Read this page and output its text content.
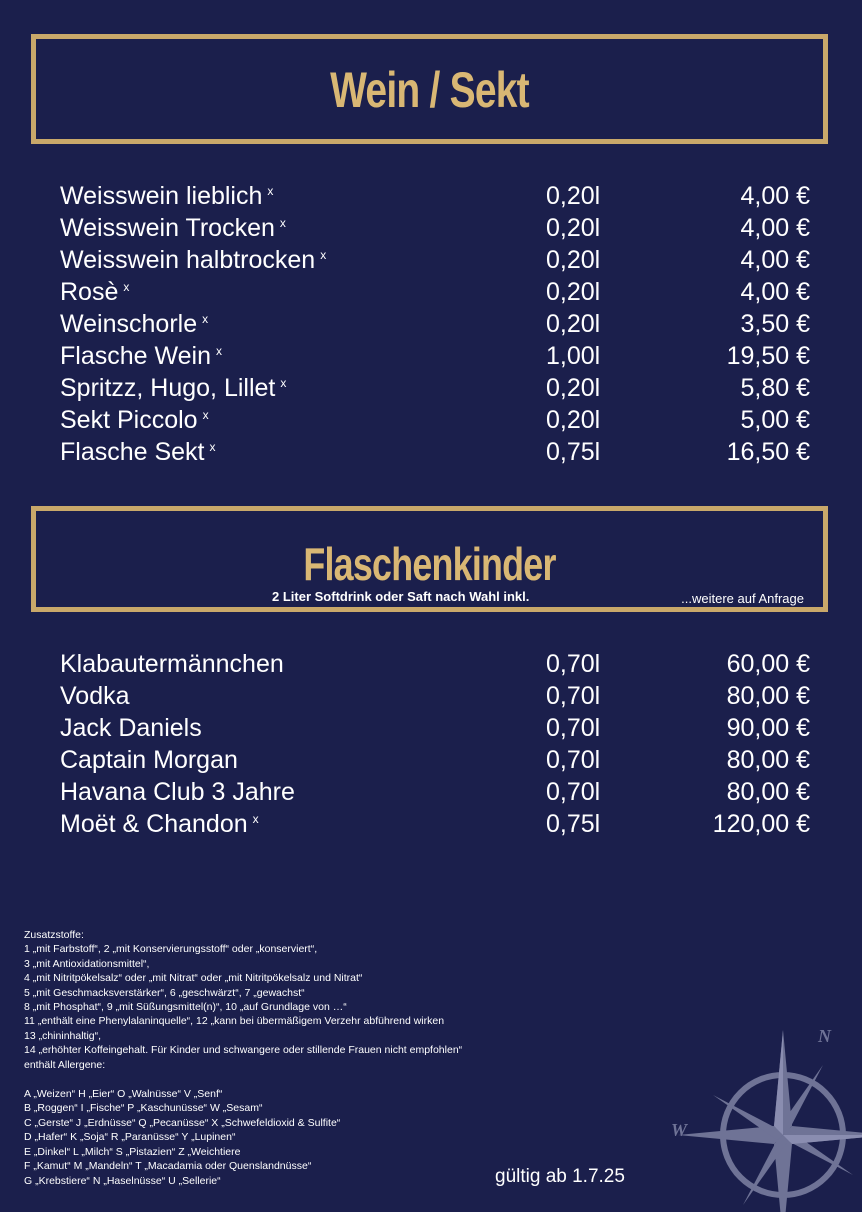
Wein / Sekt
Weisswein lieblich $^x$	0,20l	4,00 €
Weisswein Trocken $^x$	0,20l	4,00 €
Weisswein halbtrocken $^x$	0,20l	4,00 €
Rosè $^x$	0,20l	4,00 €
Weinschorle $^x$	0,20l	3,50 €
Flasche Wein $^x$	1,00l	19,50 €
Spritzz, Hugo, Lillet $^x$	0,20l	5,80 €
Sekt Piccolo $^x$	0,20l	5,00 €
Flasche Sekt $^x$	0,75l	16,50 €
Flaschenkinder
2 Liter Softdrink oder Saft nach Wahl inkl.	...weitere auf Anfrage
Klabautermännchen	0,70l	60,00 €
Vodka	0,70l	80,00 €
Jack Daniels	0,70l	90,00 €
Captain Morgan	0,70l	80,00 €
Havana Club 3 Jahre	0,70l	80,00 €
Moët & Chandon $^x$	0,75l	120,00 €
Zusatzstoffe:
1 „mit Farbstoff“, 2 „mit Konservierungsstoff“ oder „konserviert“,
3 „mit Antioxidationsmittel“,
4 „mit Nitritpökelsalz“ oder „mit Nitrat“ oder „mit Nitritpökelsalz und Nitrat“
5 „mit Geschmacksverstärker“, 6 „geschwärzt“, 7 „gewachst“
8 „mit Phosphat“, 9 „mit Süßungsmittel(n)“, 10 „auf Grundlage von …“
11 „enthält eine Phenylalaninquelle“, 12 „kann bei übermäßigem Verzehr abführend wirken
13 „chininhaltig“,
14 „erhöhter Koffeingehalt. Für Kinder und schwangere oder stillende Frauen nicht empfohlen“
enthält Allergene:
A „Weizen“ H „Eier“ O „Walnüsse“ V „Senf“
B „Roggen“ I „Fische“ P „Kaschunüsse“ W „Sesam“
C „Gerste“ J „Erdnüsse“ Q „Pecanüsse“ X „Schwefeldioxid & Sulfite“
D „Hafer“ K „Soja“ R „Paranüsse“ Y „Lupinen“
E „Dinkel“ L „Milch“ S „Pistazien“ Z „Weichtiere
F „Kamut“ M „Mandeln“ T „Macadamia oder Quenslandnüsse“
G „Krebstiere“ N „Haselnüsse“ U „Sellerie“	gültig ab 1.7.25
N
W
